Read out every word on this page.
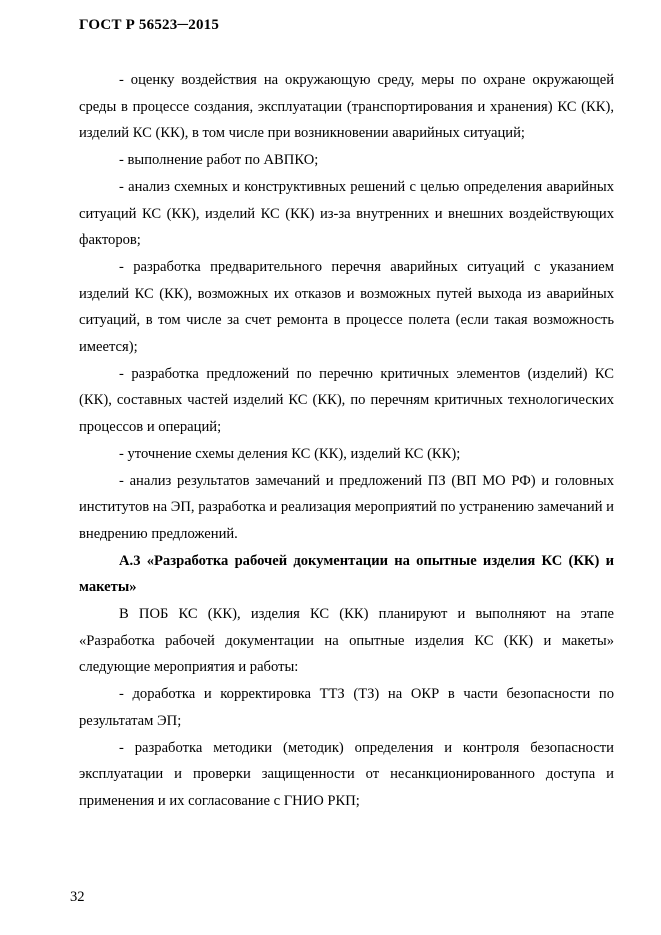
ГОСТ Р 56523─2015

- оценку воздействия на окружающую среду, меры по охране окружающей среды в процессе создания, эксплуатации (транспортирования и хранения) КС (КК), изделий КС (КК), в том числе при возникновении аварийных ситуаций;

- выполнение работ по АВПКО;

- анализ схемных и конструктивных решений с целью определения аварийных ситуаций КС (КК), изделий КС (КК) из-за внутренних и внешних воздействующих факторов;

- разработка предварительного перечня аварийных ситуаций с указанием изделий КС (КК), возможных их отказов и возможных путей выхода из аварийных ситуаций, в том числе за счет ремонта в процессе полета (если такая возможность имеется);

- разработка предложений по перечню критичных элементов (изделий) КС (КК), составных частей изделий КС (КК), по перечням критичных технологических процессов и операций;

- уточнение схемы деления КС (КК), изделий КС (КК);

- анализ результатов замечаний и предложений ПЗ (ВП МО РФ) и головных институтов на ЭП, разработка и реализация мероприятий по устранению замечаний и внедрению предложений.

А.3 «Разработка рабочей документации на опытные изделия КС (КК) и макеты»

В ПОБ КС (КК), изделия КС (КК) планируют и выполняют на этапе «Разработка рабочей документации на опытные изделия КС (КК) и макеты» следующие мероприятия и работы:

- доработка и корректировка ТТЗ (ТЗ) на ОКР в части безопасности по результатам ЭП;

- разработка методики (методик) определения и контроля безопасности эксплуатации и проверки защищенности от несанкционированного доступа и применения и их согласование с ГНИО РКП;

32
